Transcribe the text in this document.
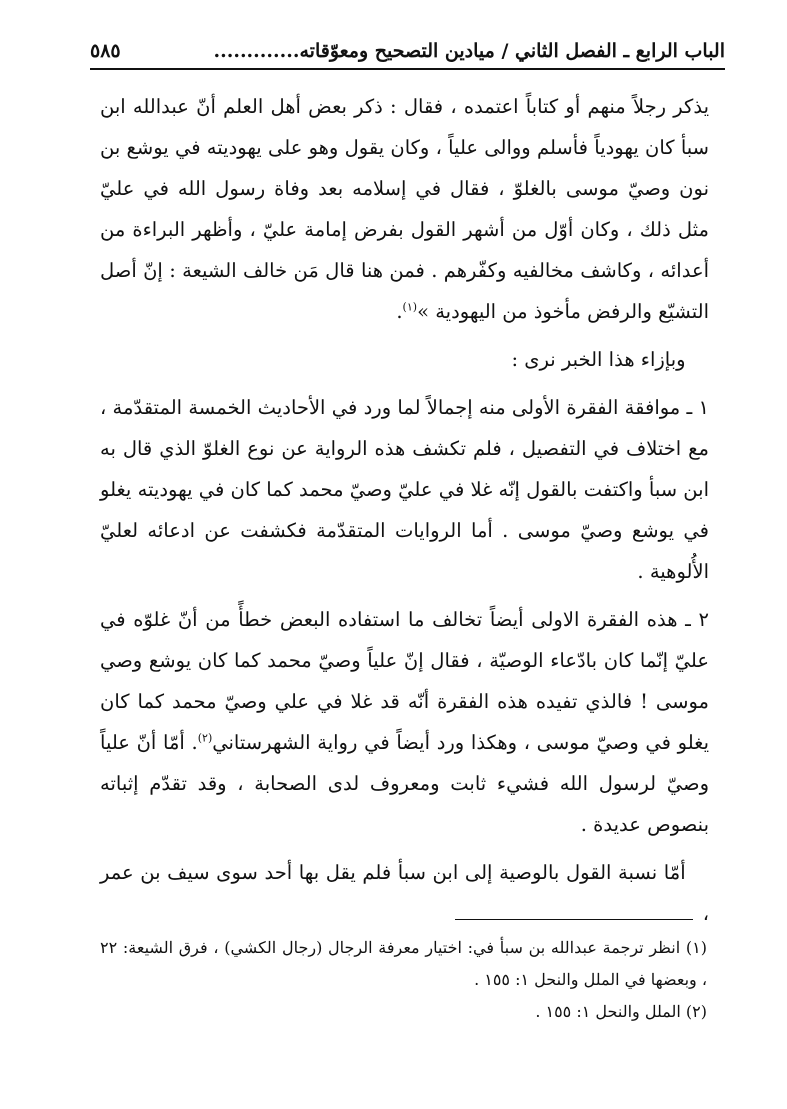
الباب الرابع ـ الفصل الثاني / ميادين التصحيح ومعوّقاته.............
٥٨٥

يذكر رجلاً منهم أو كتاباً اعتمده ، فقال : ذكر بعض أهل العلم أنّ عبدالله ابن سبأ كان يهودياً فأسلم ووالى علياً ، وكان يقول وهو على يهوديته في يوشع بن نون وصيّ موسى بالغلوّ ، فقال في إسلامه بعد وفاة رسول الله في عليّ مثل ذلك ، وكان أوّل من أشهر القول بفرض إمامة عليّ ، وأظهر البراءة من أعدائه ، وكاشف مخالفيه وكفّرهم . فمن هنا قال مَن خالف الشيعة : إنّ أصل التشيّع والرفض مأخوذ من اليهودية »$^{(١)}$.

وبإزاء هذا الخبر نرى :

١ ـ موافقة الفقرة الأولى منه إجمالاً لما ورد في الأحاديث الخمسة المتقدّمة ، مع اختلاف في التفصيل ، فلم تكشف هذه الرواية عن نوع الغلوّ الذي قال به ابن سبأ واكتفت بالقول إنّه غلا في عليّ وصيّ محمد كما كان في يهوديته يغلو في يوشع وصيّ موسى . أما الروايات المتقدّمة فكشفت عن ادعائه لعليّ الأُلوهية .

٢ ـ هذه الفقرة الاولى أيضاً تخالف ما استفاده البعض خطأً من أنّ غلوّه في عليّ إنّما كان بادّعاء الوصيّة ، فقال إنّ علياً وصيّ محمد كما كان يوشع وصي موسى ! فالذي تفيده هذه الفقرة أنّه قد غلا في علي وصيّ محمد كما كان يغلو في وصيّ موسى ، وهكذا ورد أيضاً في رواية الشهرستاني$^{(٢)}$. أمّا أنّ علياً وصيّ لرسول الله فشيء ثابت ومعروف لدى الصحابة ، وقد تقدّم إثباته بنصوص عديدة .

أمّا نسبة القول بالوصية إلى ابن سبأ فلم يقل بها أحد سوى سيف بن عمر ،

(١) انظر ترجمة عبدالله بن سبأ في: اختيار معرفة الرجال (رجال الكشي) ، فرق الشيعة: ٢٢ ، وبعضها في الملل والنحل ١: ١٥٥ .

(٢) الملل والنحل ١: ١٥٥ .
